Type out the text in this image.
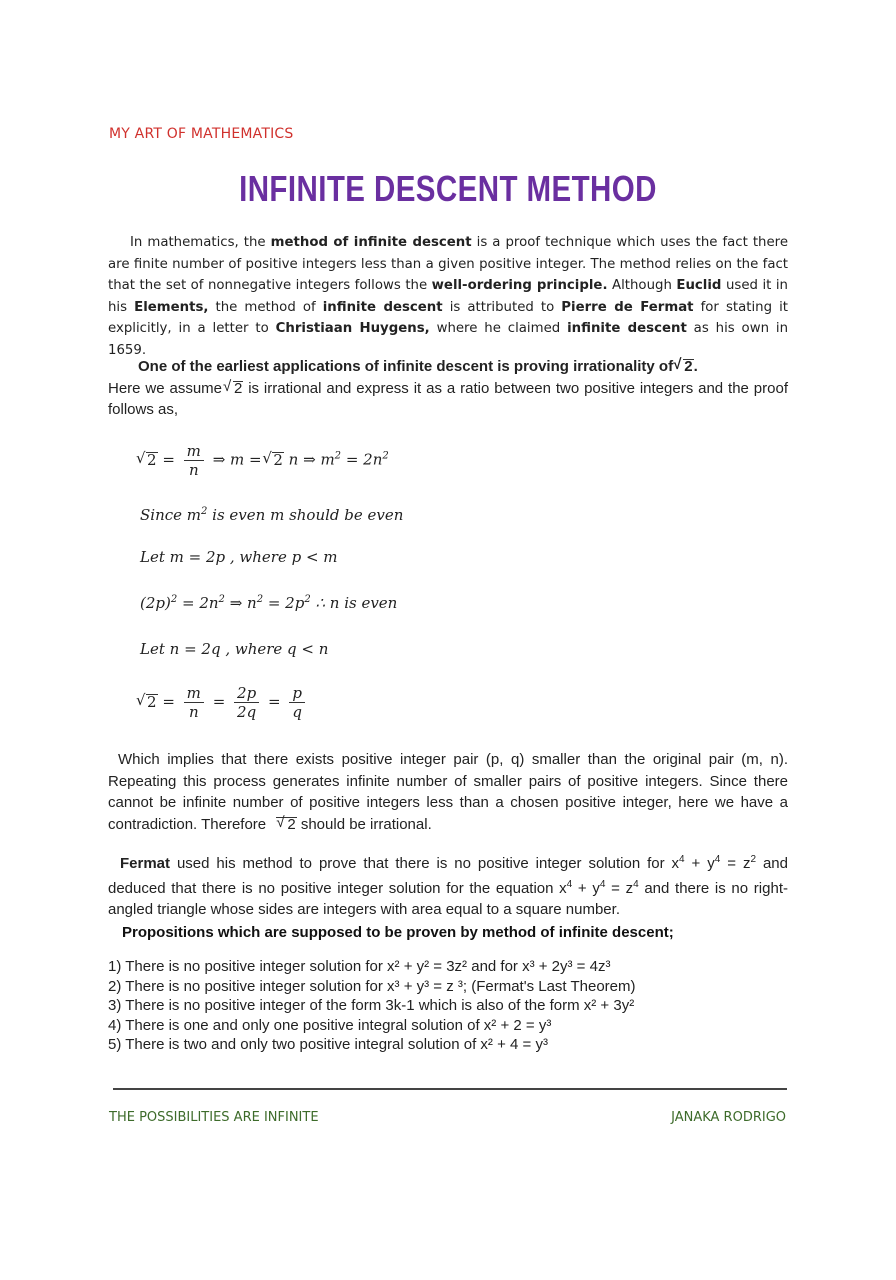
MY ART OF MATHEMATICS
INFINITE DESCENT METHOD

In mathematics, the method of infinite descent is a proof technique which uses the fact there are finite number of positive integers less than a given positive integer. The method relies on the fact that the set of nonnegative integers follows the well-ordering principle. Although Euclid used it in his Elements, the method of infinite descent is attributed to Pierre de Fermat for stating it explicitly, in a letter to Christiaan Huygens, where he claimed infinite descent as his own in 1659.

One of the earliest applications of infinite descent is proving irrationality of √ 2.

Here we assume √ 2 is irrational and express it as a ratio between two positive integers and the proof follows as,

√ $2 = \frac{m}{n}$ ⇒ m = √ 2 n ⇒ $m^2 = 2n^2$
Since $m^2$ is even m should be even
Let m = 2p , where p < m
$(2p)^2 = 2n^2$ ⇒ $n^2 = 2p^2$ ∴ n is even
Let n = 2q , where q < n
√ $2 = \frac{m}{n} = \frac{2p}{2q} = \frac{p}{q}$

Which implies that there exists positive integer pair (p, q) smaller than the original pair (m, n). Repeating this process generates infinite number of smaller pairs of positive integers. Since there cannot be infinite number of positive integers less than a chosen positive integer, here we have a contradiction. Therefore √ 2 should be irrational.

Fermat used his method to prove that there is no positive integer solution for $x^4 + y^4 = z^2$ and deduced that there is no positive integer solution for the equation $x^4 + y^4 = z^4$ and there is no right-angled triangle whose sides are integers with area equal to a square number.

Propositions which are supposed to be proven by method of infinite descent;
1) There is no positive integer solution for x² + y² = 3z² and for x³ + 2y³ = 4z³
2) There is no positive integer solution for x³ + y³ = z ³; (Fermat's Last Theorem)
3) There is no positive integer of the form 3k-1 which is also of the form x² + 3y²
4) There is one and only one positive integral solution of x² + 2 = y³
5) There is two and only two positive integral solution of x² + 4 = y³
THE POSSIBILITIES ARE INFINITE	JANAKA RODRIGO
